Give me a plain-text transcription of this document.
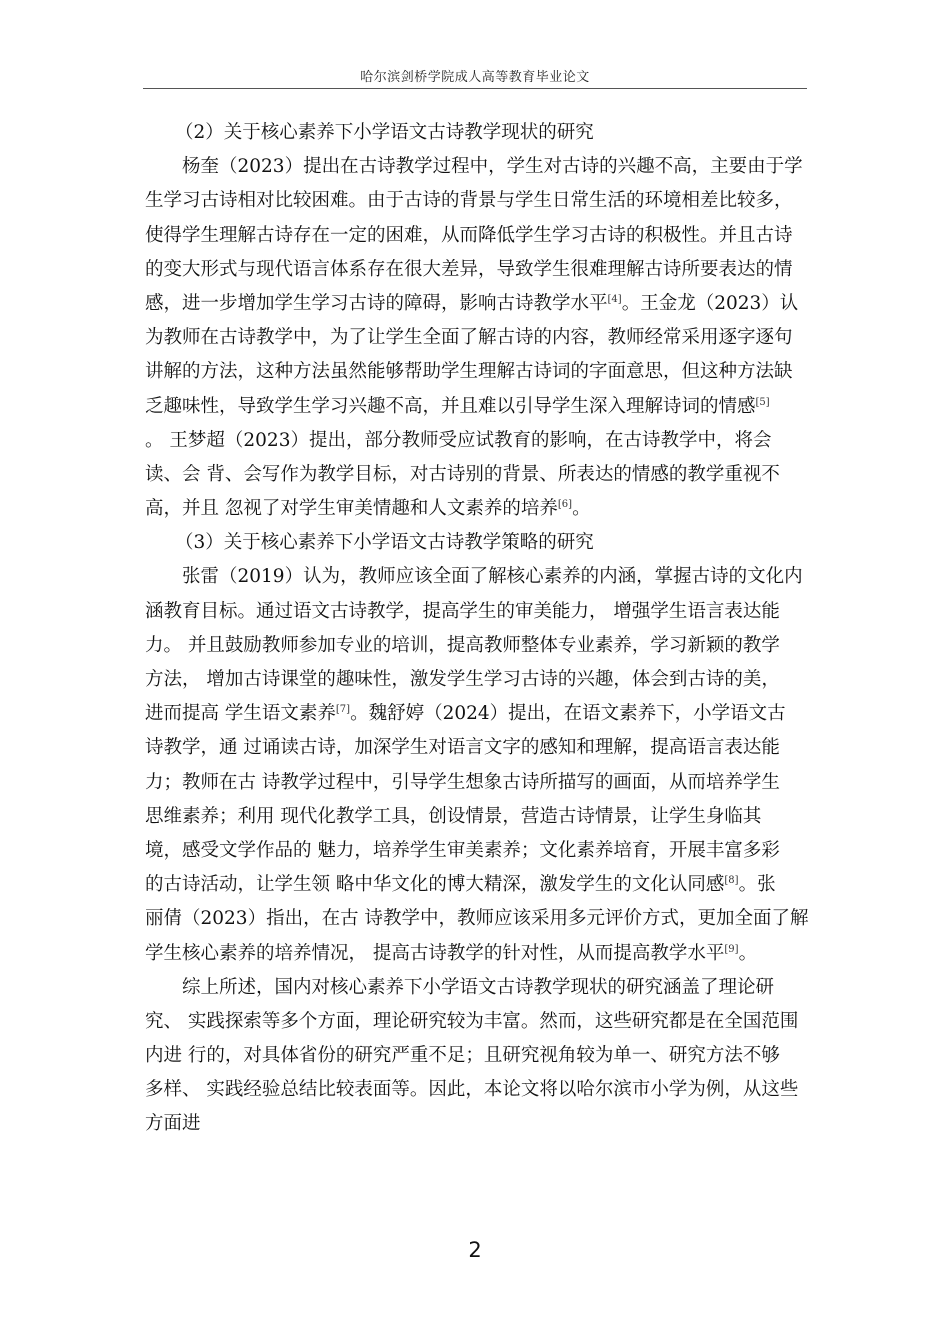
哈尔滨剑桥学院成人高等教育毕业论文
（2）关于核心素养下小学语文古诗教学现状的研究
杨奎（2023）提出在古诗教学过程中，学生对古诗的兴趣不高，主要由于学
生学习古诗相对比较困难。由于古诗的背景与学生日常生活的环境相差比较多，
使得学生理解古诗存在一定的困难，从而降低学生学习古诗的积极性。并且古诗
的变大形式与现代语言体系存在很大差异，导致学生很难理解古诗所要表达的情
感，进一步增加学生学习古诗的障碍，影响古诗教学水平[4]。王金龙（2023）认
为教师在古诗教学中，为了让学生全面了解古诗的内容，教师经常采用逐字逐句
讲解的方法，这种方法虽然能够帮助学生理解古诗词的字面意思，但这种方法缺
乏趣味性，导致学生学习兴趣不高，并且难以引导学生深入理解诗词的情感[5]
。 王梦超（2023）提出，部分教师受应试教育的影响，在古诗教学中，将会
读、会 背、会写作为教学目标，对古诗别的背景、所表达的情感的教学重视不
高，并且 忽视了对学生审美情趣和人文素养的培养[6]。
（3）关于核心素养下小学语文古诗教学策略的研究
张雷（2019）认为，教师应该全面了解核心素养的内涵，掌握古诗的文化内
涵教育目标。通过语文古诗教学，提高学生的审美能力， 增强学生语言表达能
力。 并且鼓励教师参加专业的培训，提高教师整体专业素养，学习新颖的教学
方法， 增加古诗课堂的趣味性，激发学生学习古诗的兴趣，体会到古诗的美，
进而提高 学生语文素养[7]。魏舒婷（2024）提出，在语文素养下，小学语文古
诗教学，通 过诵读古诗，加深学生对语言文字的感知和理解，提高语言表达能
力；教师在古 诗教学过程中，引导学生想象古诗所描写的画面，从而培养学生
思维素养；利用 现代化教学工具，创设情景，营造古诗情景，让学生身临其
境，感受文学作品的 魅力，培养学生审美素养；文化素养培育，开展丰富多彩
的古诗活动，让学生领 略中华文化的博大精深，激发学生的文化认同感[8]。张
丽倩（2023）指出，在古 诗教学中，教师应该采用多元评价方式，更加全面了解
学生核心素养的培养情况， 提高古诗教学的针对性，从而提高教学水平[9]。
综上所述，国内对核心素养下小学语文古诗教学现状的研究涵盖了理论研
究、 实践探索等多个方面，理论研究较为丰富。然而，这些研究都是在全国范围
内进 行的，对具体省份的研究严重不足；且研究视角较为单一、研究方法不够
多样、 实践经验总结比较表面等。因此，本论文将以哈尔滨市小学为例，从这些
方面进
2
